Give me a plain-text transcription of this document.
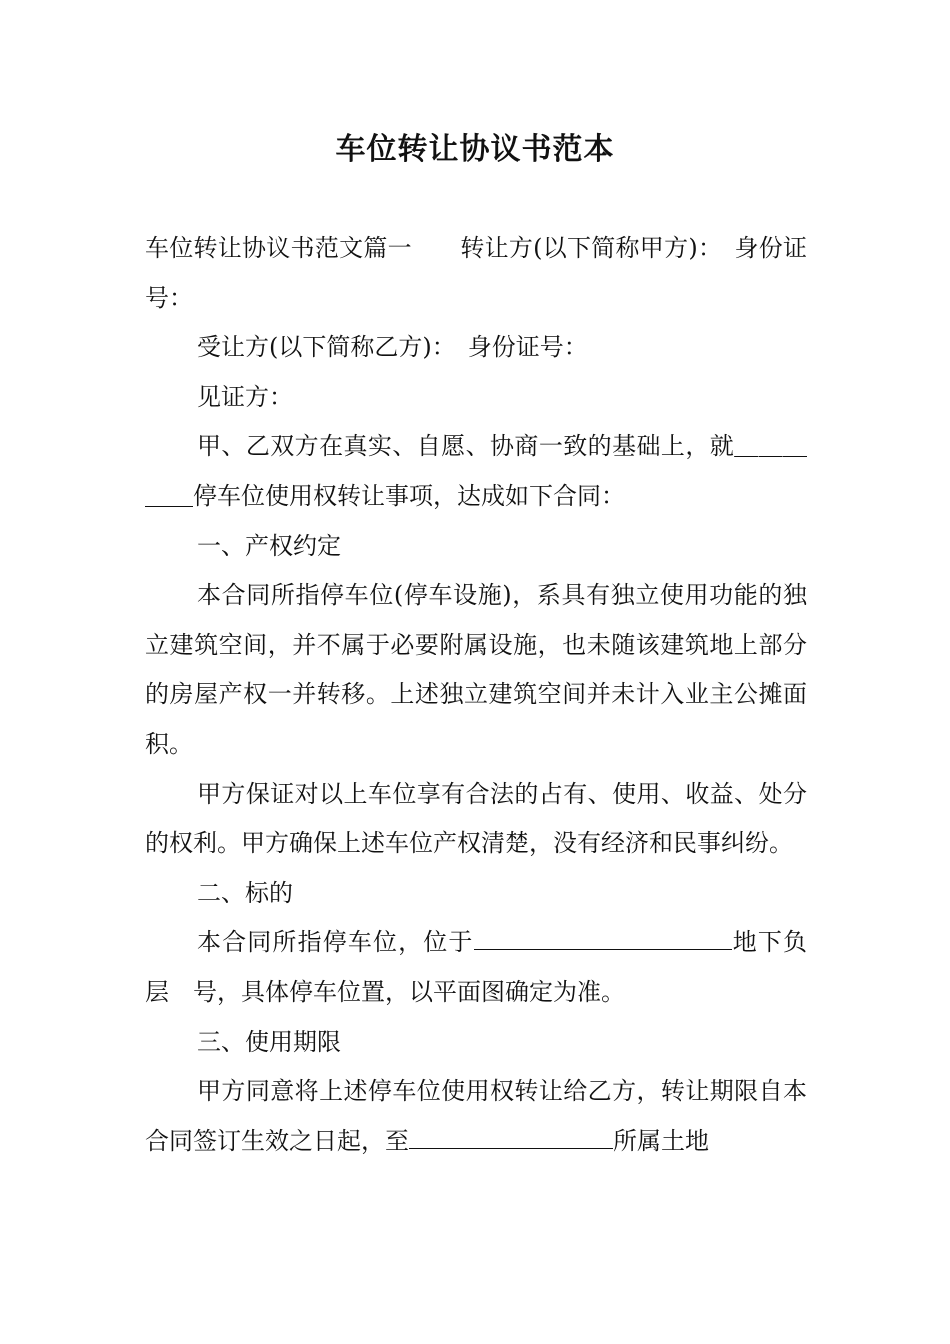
车位转让协议书范本

车位转让协议书范文篇一　　转让方(以下简称甲方)：　身份证号：

受让方(以下简称乙方)：　身份证号：

见证方：

甲、乙双方在真实、自愿、协商一致的基础上，就＿＿＿＿＿停车位使用权转让事项，达成如下合同：

一、产权约定

本合同所指停车位(停车设施)，系具有独立使用功能的独立建筑空间，并不属于必要附属设施，也未随该建筑地上部分的房屋产权一并转移。上述独立建筑空间并未计入业主公摊面积。

甲方保证对以上车位享有合法的占有、使用、收益、处分的权利。甲方确保上述车位产权清楚，没有经济和民事纠纷。

二、标的

本合同所指停车位，位于	地下负　层　号，具体停车位置，以平面图确定为准。

三、使用期限

甲方同意将上述停车位使用权转让给乙方，转让期限自本合同签订生效之日起，至	所属土地
